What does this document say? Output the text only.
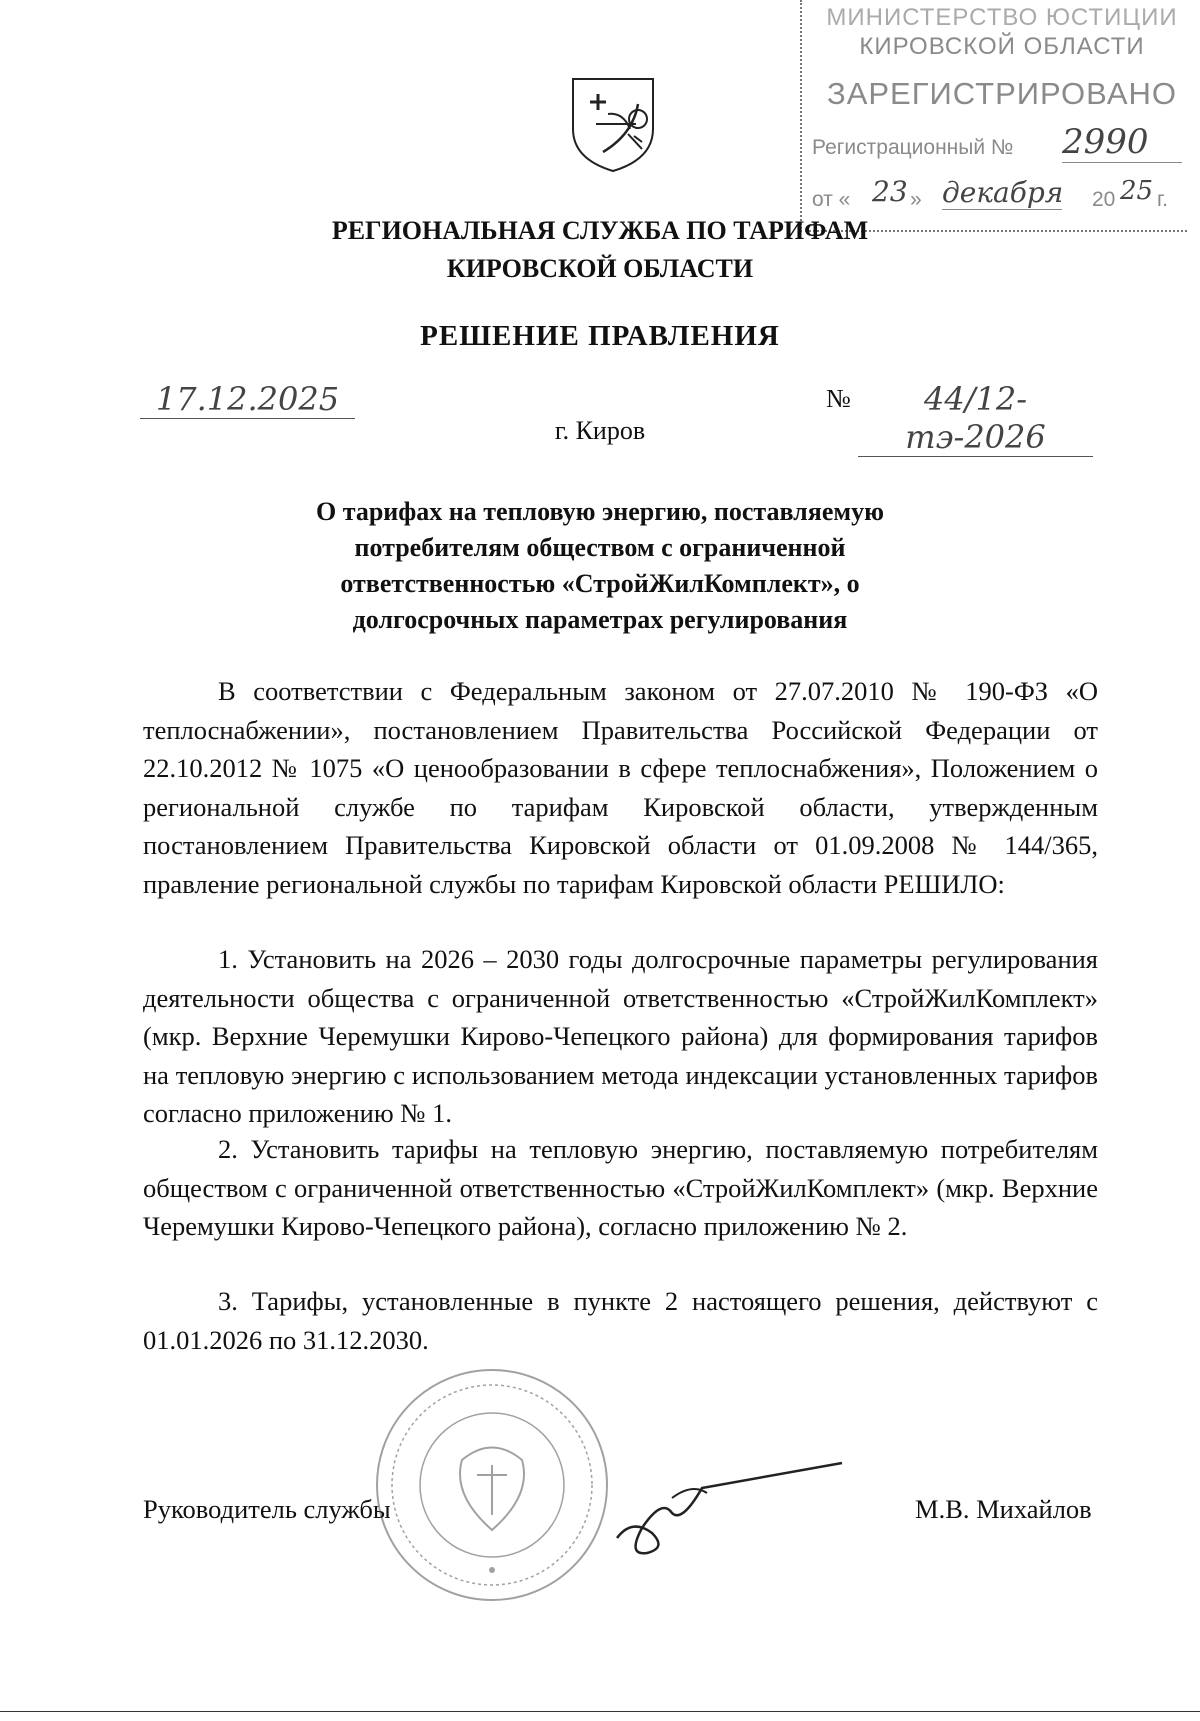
МИНИСТЕРСТВО ЮСТИЦИИ
КИРОВСКОЙ ОБЛАСТИ
ЗАРЕГИСТРИРОВАНО
Регистрационный № 2990
от « 23 » декабря 20 25 г.
РЕГИОНАЛЬНАЯ СЛУЖБА ПО ТАРИФАМ
КИРОВСКОЙ ОБЛАСТИ
РЕШЕНИЕ ПРАВЛЕНИЯ
17.12.2025	№	44/12-тэ-2026
г. Киров
О тарифах на тепловую энергию, поставляемую потребителям обществом с ограниченной ответственностью «СтройЖилКомплект», о долгосрочных параметрах регулирования
В соответствии с Федеральным законом от 27.07.2010 № 190-ФЗ «О теплоснабжении», постановлением Правительства Российской Федерации от 22.10.2012 № 1075 «О ценообразовании в сфере теплоснабжения», Положением о региональной службе по тарифам Кировской области, утвержденным постановлением Правительства Кировской области от 01.09.2008 № 144/365, правление региональной службы по тарифам Кировской области РЕШИЛО:
1. Установить на 2026 – 2030 годы долгосрочные параметры регулирования деятельности общества с ограниченной ответственностью «СтройЖилКомплект» (мкр. Верхние Черемушки Кирово-Чепецкого района) для формирования тарифов на тепловую энергию с использованием метода индексации установленных тарифов согласно приложению № 1.
2. Установить тарифы на тепловую энергию, поставляемую потребителям обществом с ограниченной ответственностью «СтройЖилКомплект» (мкр. Верхние Черемушки Кирово-Чепецкого района), согласно приложению № 2.
3. Тарифы, установленные в пункте 2 настоящего решения, действуют с 01.01.2026 по 31.12.2030.
Руководитель службы	М.В. Михайлов
